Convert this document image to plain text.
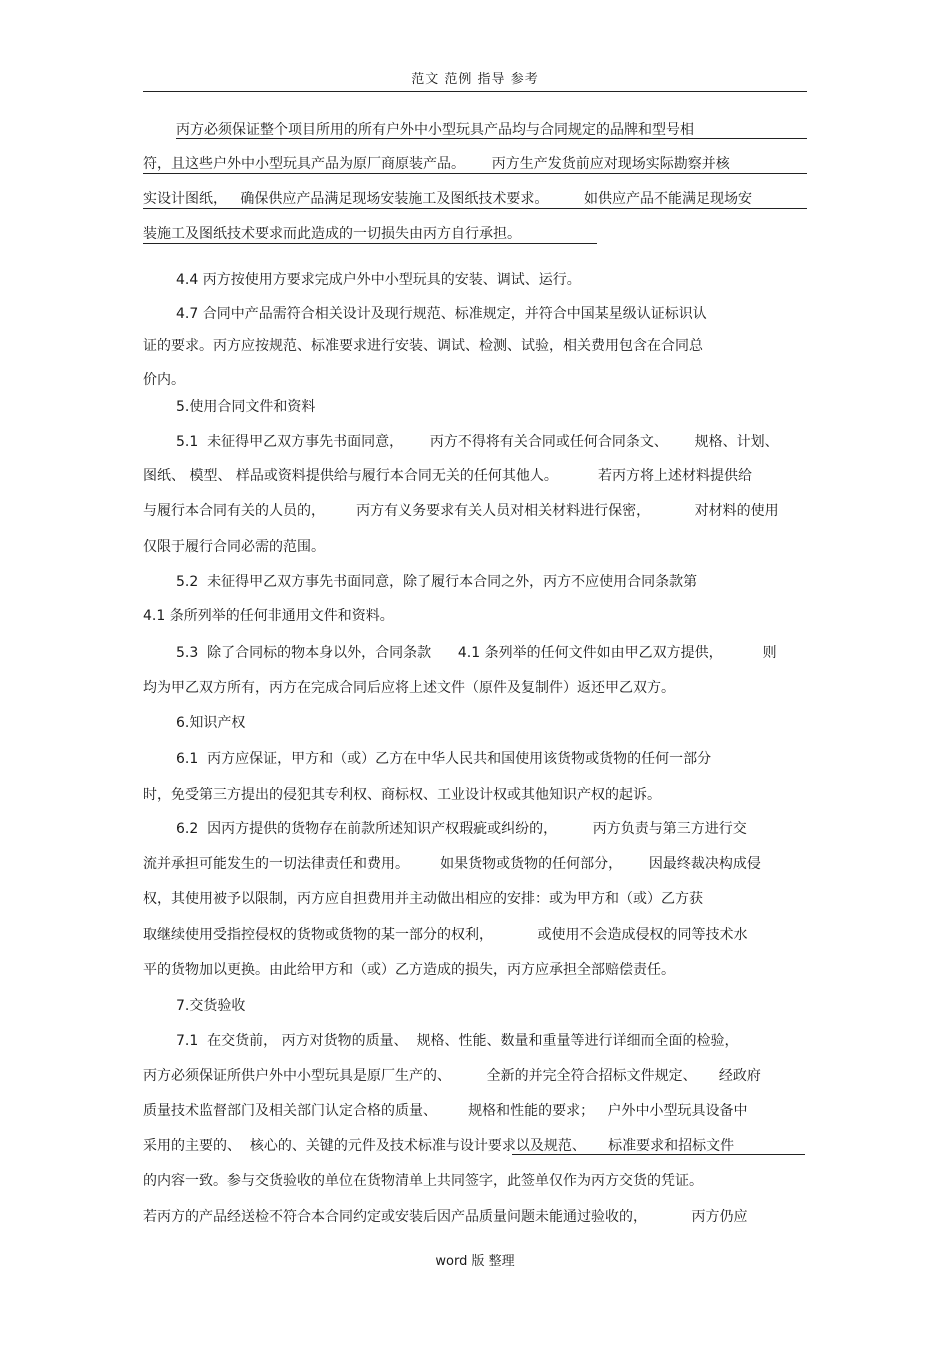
范文 范例 指导 参考
丙方必须保证整个项目所用的所有户外中小型玩具产品均与合同规定的品牌和型号相
符，且这些户外中小型玩具产品为原厂商原装产品。      丙方生产发货前应对现场实际勘察并核
实设计图纸，   确保供应产品满足现场安装施工及图纸技术要求。        如供应产品不能满足现场安
装施工及图纸技术要求而此造成的一切损失由丙方自行承担。
4.4 丙方按使用方要求完成户外中小型玩具的安装、调试、运行。
4.7 合同中产品需符合相关设计及现行规范、标准规定，并符合中国某星级认证标识认
证的要求。丙方应按规范、标准要求进行安装、调试、检测、试验，相关费用包含在合同总
价内。
5.使用合同文件和资料
5.1  未征得甲乙双方事先书面同意，      丙方不得将有关合同或任何合同条文、      规格、计划、
图纸、 模型、 样品或资料提供给与履行本合同无关的任何其他人。         若丙方将上述材料提供给
与履行本合同有关的人员的，       丙方有义务要求有关人员对相关材料进行保密，          对材料的使用
仅限于履行合同必需的范围。
5.2  未征得甲乙双方事先书面同意，除了履行本合同之外，丙方不应使用合同条款第
4.1 条所列举的任何非通用文件和资料。
5.3  除了合同标的物本身以外，合同条款      4.1 条列举的任何文件如由甲乙双方提供，         则
均为甲乙双方所有，丙方在完成合同后应将上述文件（原件及复制件）返还甲乙双方。
6.知识产权
6.1  丙方应保证，甲方和（或）乙方在中华人民共和国使用该货物或货物的任何一部分
时，免受第三方提出的侵犯其专利权、商标权、工业设计权或其他知识产权的起诉。
6.2  因丙方提供的货物存在前款所述知识产权瑕疵或纠纷的，        丙方负责与第三方进行交
流并承担可能发生的一切法律责任和费用。       如果货物或货物的任何部分，      因最终裁决构成侵
权，其使用被予以限制，丙方应自担费用并主动做出相应的安排：或为甲方和（或）乙方获
取继续使用受指控侵权的货物或货物的某一部分的权利，          或使用不会造成侵权的同等技术水
平的货物加以更换。由此给甲方和（或）乙方造成的损失，丙方应承担全部赔偿责任。
7.交货验收
7.1  在交货前， 丙方对货物的质量、  规格、性能、数量和重量等进行详细而全面的检验，
丙方必须保证所供户外中小型玩具是原厂生产的、        全新的并完全符合招标文件规定、     经政府
质量技术监督部门及相关部门认定合格的质量、       规格和性能的要求；   户外中小型玩具设备中
采用的主要的、  核心的、关键的元件及技术标准与设计要求以及规范、     标准要求和招标文件
的内容一致。参与交货验收的单位在货物清单上共同签字，此签单仅作为丙方交货的凭证。
若丙方的产品经送检不符合本合同约定或安装后因产品质量问题未能通过验收的，          丙方仍应
word 版 整理
